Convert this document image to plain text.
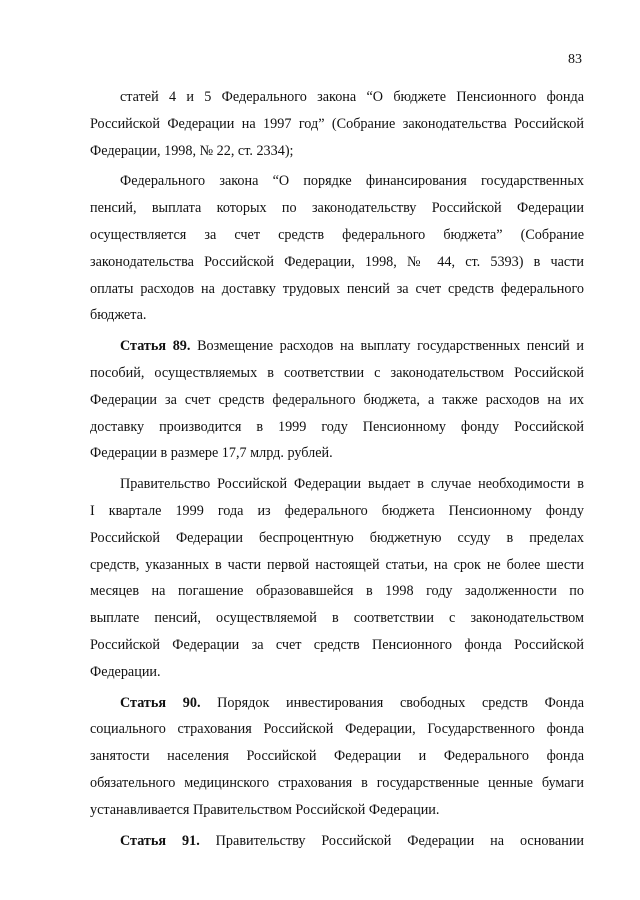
83
статей 4 и 5 Федерального закона “О бюджете Пенсионного фонда
Российской Федерации на 1997 год” (Собрание законодательства Российской
Федерации, 1998, № 22, ст. 2334);
Федерального закона “О порядке финансирования государственных
пенсий, выплата которых по законодательству Российской Федерации
осуществляется за счет средств федерального бюджета” (Собрание
законодательства Российской Федерации, 1998, № 44, ст. 5393) в части
оплаты расходов на доставку трудовых пенсий за счет средств федерального
бюджета.
Статья 89. Возмещение расходов на выплату государственных пенсий и
пособий, осуществляемых в соответствии с законодательством Российской
Федерации за счет средств федерального бюджета, а также расходов на их
доставку производится в 1999 году Пенсионному фонду Российской
Федерации в размере 17,7 млрд. рублей.
Правительство Российской Федерации выдает в случае необходимости в
I квартале 1999 года из федерального бюджета Пенсионному фонду
Российской Федерации беспроцентную бюджетную ссуду в пределах
средств, указанных в части первой настоящей статьи, на срок не более шести
месяцев на погашение образовавшейся в 1998 году задолженности по
выплате пенсий, осуществляемой в соответствии с законодательством
Российской Федерации за счет средств Пенсионного фонда Российской
Федерации.
Статья 90. Порядок инвестирования свободных средств Фонда
социального страхования Российской Федерации, Государственного фонда
занятости населения Российской Федерации и Федерального фонда
обязательного медицинского страхования в государственные ценные бумаги
устанавливается Правительством Российской Федерации.
Статья 91. Правительству Российской Федерации на основании
